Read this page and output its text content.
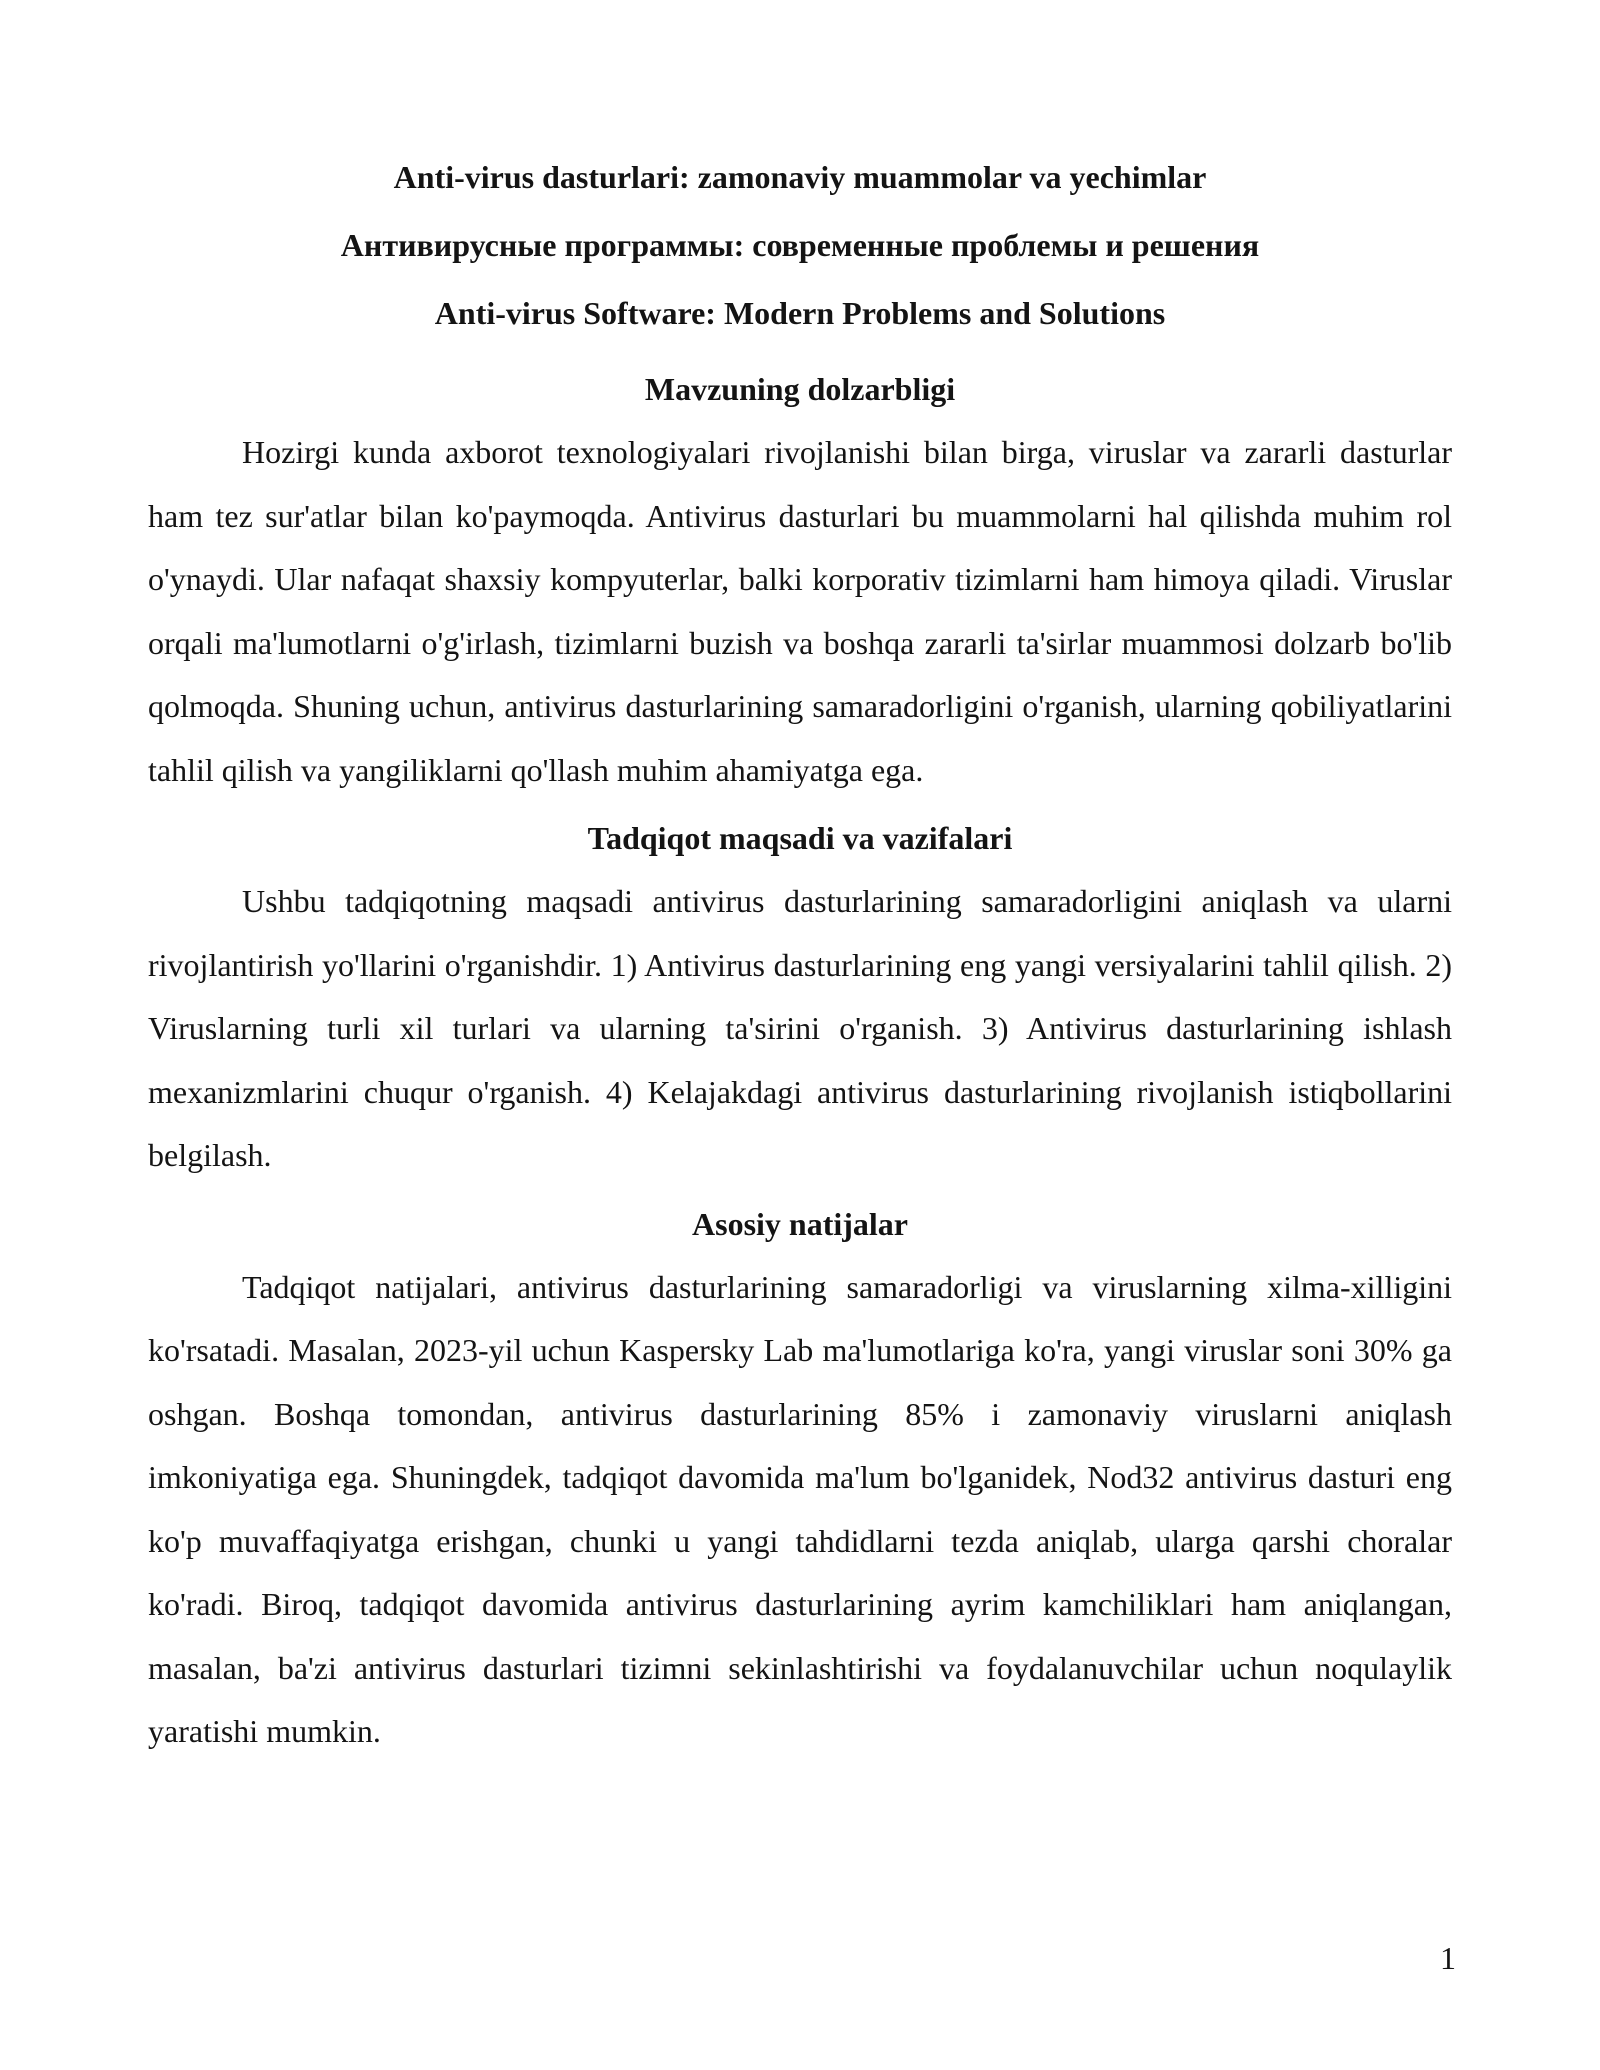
Anti-virus dasturlari: zamonaviy muammolar va yechimlar

Антивирусные программы: современные проблемы и решения

Anti-virus Software: Modern Problems and Solutions

Mavzuning dolzarbligi

Hozirgi kunda axborot texnologiyalari rivojlanishi bilan birga, viruslar va zararli dasturlar ham tez sur'atlar bilan ko'paymoqda. Antivirus dasturlari bu muammolarni hal qilishda muhim rol o'ynaydi. Ular nafaqat shaxsiy kompyuterlar, balki korporativ tizimlarni ham himoya qiladi. Viruslar orqali ma'lumotlarni o'g'irlash, tizimlarni buzish va boshqa zararli ta'sirlar muammosi dolzarb bo'lib qolmoqda. Shuning uchun, antivirus dasturlarining samaradorligini o'rganish, ularning qobiliyatlarini tahlil qilish va yangiliklarni qo'llash muhim ahamiyatga ega.

Tadqiqot maqsadi va vazifalari

Ushbu tadqiqotning maqsadi antivirus dasturlarining samaradorligini aniqlash va ularni rivojlantirish yo'llarini o'rganishdir. 1) Antivirus dasturlarining eng yangi versiyalarini tahlil qilish. 2) Viruslarning turli xil turlari va ularning ta'sirini o'rganish. 3) Antivirus dasturlarining ishlash mexanizmlarini chuqur o'rganish. 4) Kelajakdagi antivirus dasturlarining rivojlanish istiqbollarini belgilash.

Asosiy natijalar

Tadqiqot natijalari, antivirus dasturlarining samaradorligi va viruslarning xilma-xilligini ko'rsatadi. Masalan, 2023-yil uchun Kaspersky Lab ma'lumotlariga ko'ra, yangi viruslar soni 30% ga oshgan. Boshqa tomondan, antivirus dasturlarining 85% i zamonaviy viruslarni aniqlash imkoniyatiga ega. Shuningdek, tadqiqot davomida ma'lum bo'lganidek, Nod32 antivirus dasturi eng ko'p muvaffaqiyatga erishgan, chunki u yangi tahdidlarni tezda aniqlab, ularga qarshi choralar ko'radi. Biroq, tadqiqot davomida antivirus dasturlarining ayrim kamchiliklari ham aniqlangan, masalan, ba'zi antivirus dasturlari tizimni sekinlashtirishi va foydalanuvchilar uchun noqulaylik yaratishi mumkin.

1
